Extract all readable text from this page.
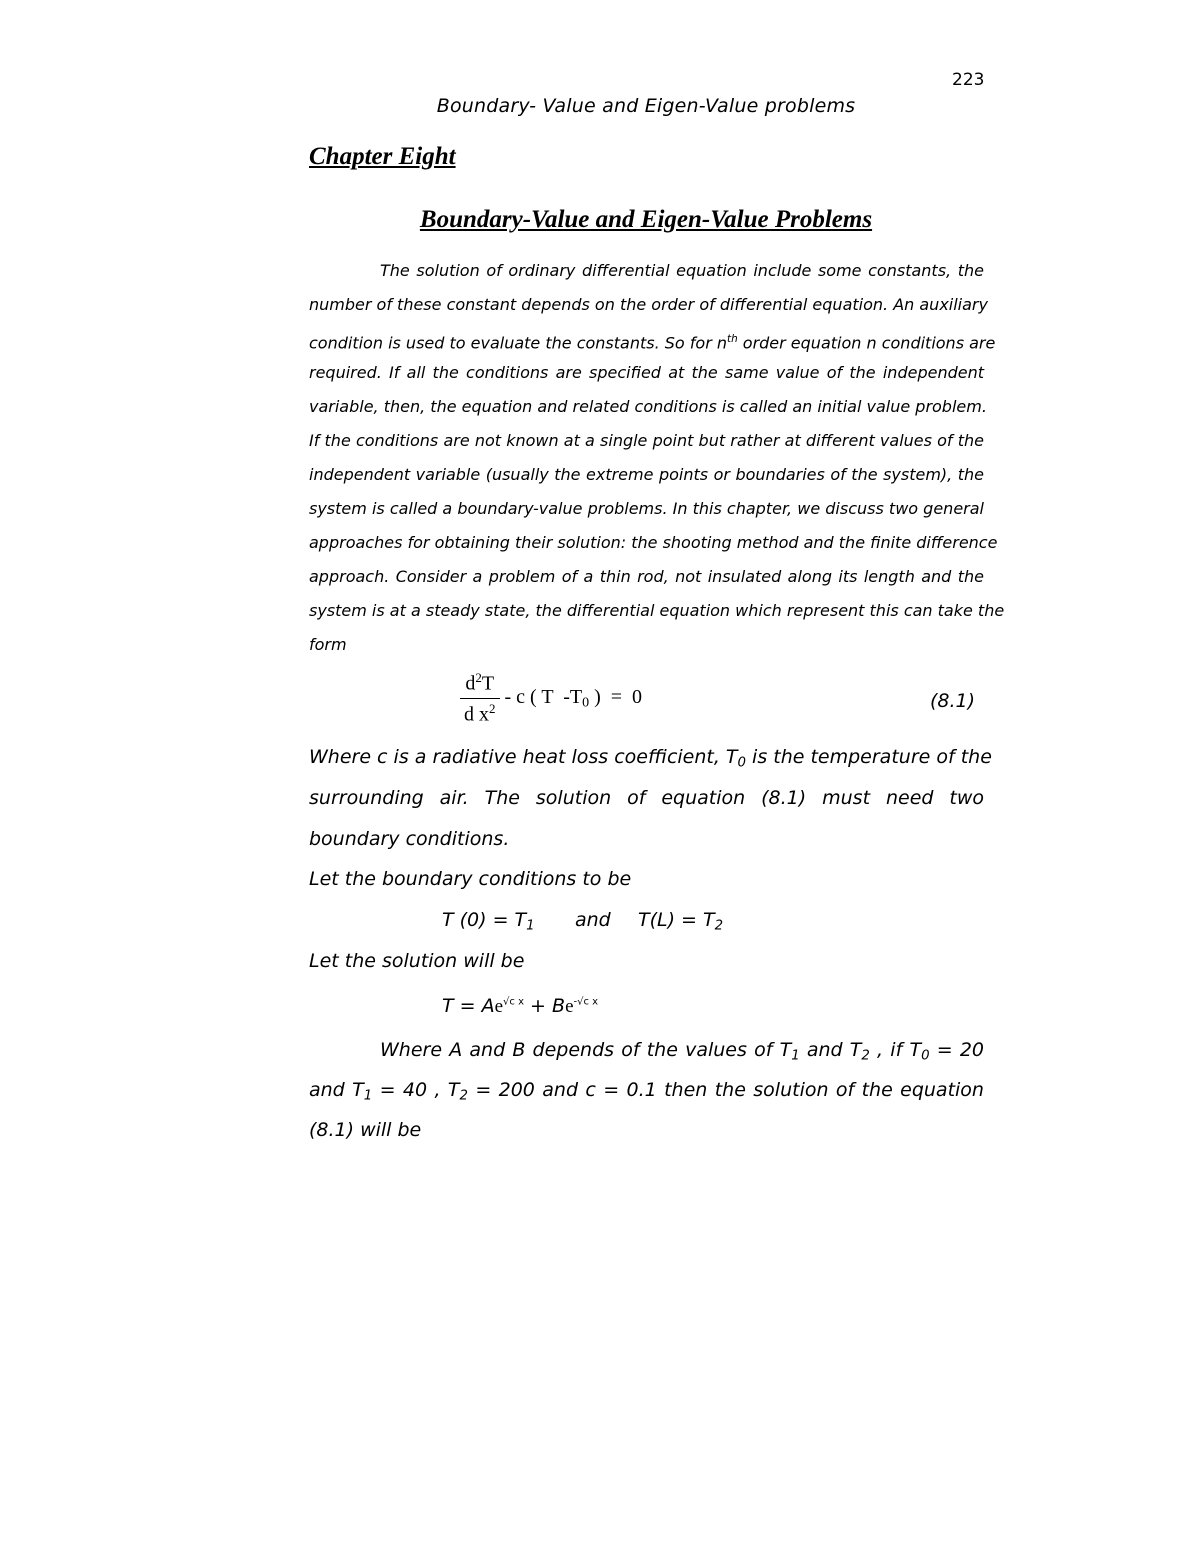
223
Boundary- Value and Eigen-Value problems
Chapter Eight
Boundary-Value and Eigen-Value Problems
The solution of ordinary differential equation include some constants, the
number of these constant depends on the order of differential equation. An auxiliary
condition is used to evaluate the constants. So for $n^{th}$ order equation n conditions are
required. If all the conditions are specified at the same value of the independent
variable, then, the equation and related conditions is called an initial value problem.
If the conditions are not known at a single point but rather at different values of the
independent variable (usually the extreme points or boundaries of the system), the
system is called a boundary-value problems. In this chapter, we discuss two general
approaches for obtaining their solution: the shooting method and the finite difference
approach. Consider a problem of a thin rod, not insulated along its length and the
system is at a steady state, the differential equation which represent this can take the
form
$\frac{d^2T}{d x^2}$ - c ( T  $-T_0$ )  =  0	(8.1)
Where c is a radiative heat loss coefficient, $T_0$ is the temperature of the
surrounding air. The solution of equation (8.1) must need two
boundary conditions.
Let the boundary conditions to be
T $(0) = T_1$ and $T(L) = T_2$
Let the solution will be
$T = Ae^{√c x} + Be^{-√c x}$
Where A and B depends of the values of $T_1$ and $T_2$ , if $T_0 = 20$
and $T_1 = 40$ , $T_2 = 200$ and c = 0.1 then the solution of the equation
(8.1) will be
